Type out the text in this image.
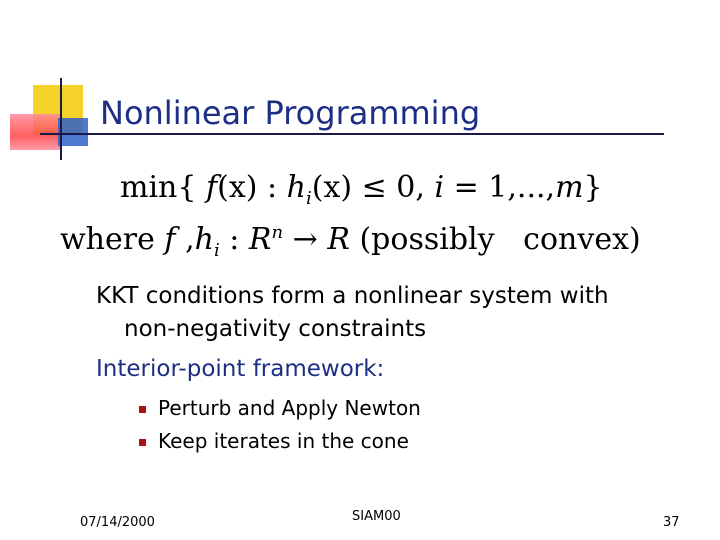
Nonlinear Programming
min{ f(x) : $h_i(x) \le 0$, i = 1,...,m}
where f $,h_i$ : $R^n \to R$ (possibly   convex)
KKT conditions form a nonlinear system with
non-negativity constraints
Interior-point framework:
Perturb and Apply Newton
Keep iterates in the cone
07/14/2000	SIAM00	37
